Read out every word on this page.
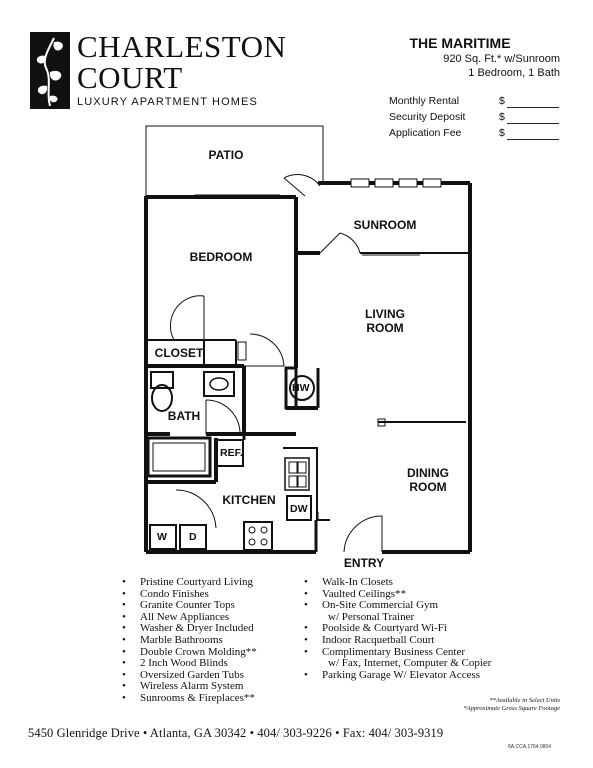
CHARLESTON
COURT
LUXURY APARTMENT HOMES
THE MARITIME
920 Sq. Ft.* w/Sunroom
1 Bedroom, 1 Bath
Monthly Rental	$
Security Deposit	$
Application Fee	$
PATIO
SUNROOM
BEDROOM
LIVING
ROOM
CLOSET
BATH
HW
REF.
KITCHEN
DW
W D
DINING
ROOM
ENTRY
• Pristine Courtyard Living
• Condo Finishes
• Granite Counter Tops
• All New Appliances
• Washer & Dryer Included
• Marble Bathrooms
• Double Crown Molding**
• 2 Inch Wood Blinds
• Oversized Garden Tubs
• Wireless Alarm System
• Sunrooms & Fireplaces**
• Walk-In Closets
• Vaulted Ceilings**
• On-Site Commercial Gym
w/ Personal Trainer
• Poolside & Courtyard Wi-Fi
• Indoor Racquetball Court
• Complimentary Business Center
w/ Fax, Internet, Computer & Copier
• Parking Garage W/ Elevator Access
**Available in Select Units
*Approximate Gross Square Footage
5450 Glenridge Drive • Atlanta, GA 30342 • 404/ 303-9226 • Fax: 404/ 303-9319
8A.CCA.1764.0804
